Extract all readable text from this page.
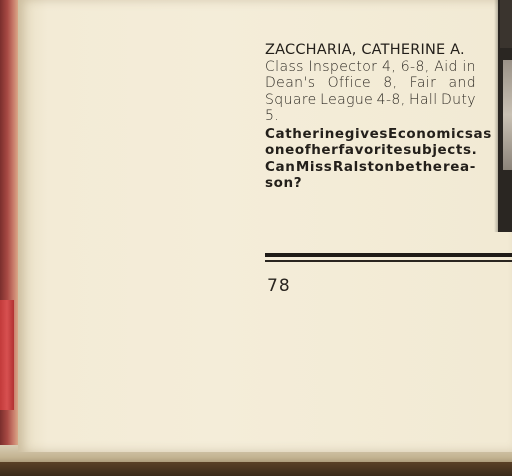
ZACCHARIA, CATHERINE A.
Class Inspector 4, 6-8, Aid in
Dean's Office 8, Fair and
Square League 4-8, Hall Duty
5.
Catherine gives Economics as
one of her favorite subjects.
Can Miss Ralston be the rea-
son?
78
